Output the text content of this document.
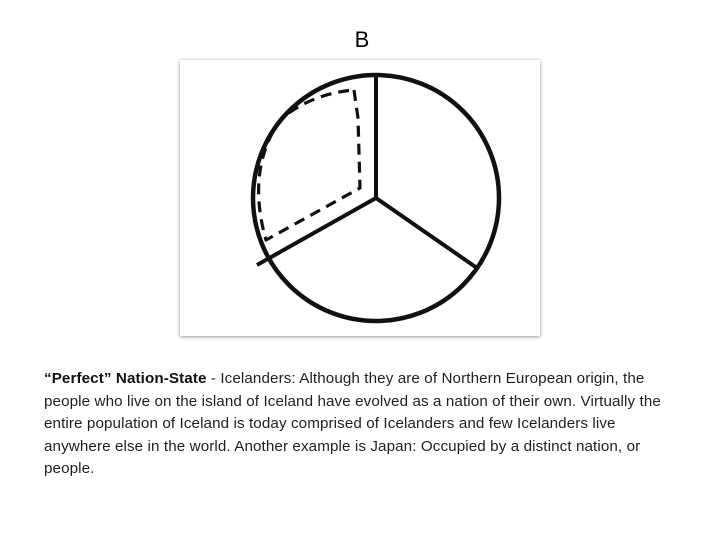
B
“Perfect” Nation-State - Icelanders: Although they are of Northern European origin, the people who live on the island of Iceland have evolved as a nation of their own. Virtually the entire population of Iceland is today comprised of Icelanders and few Icelanders live anywhere else in the world. Another example is Japan: Occupied by a distinct nation, or people.
